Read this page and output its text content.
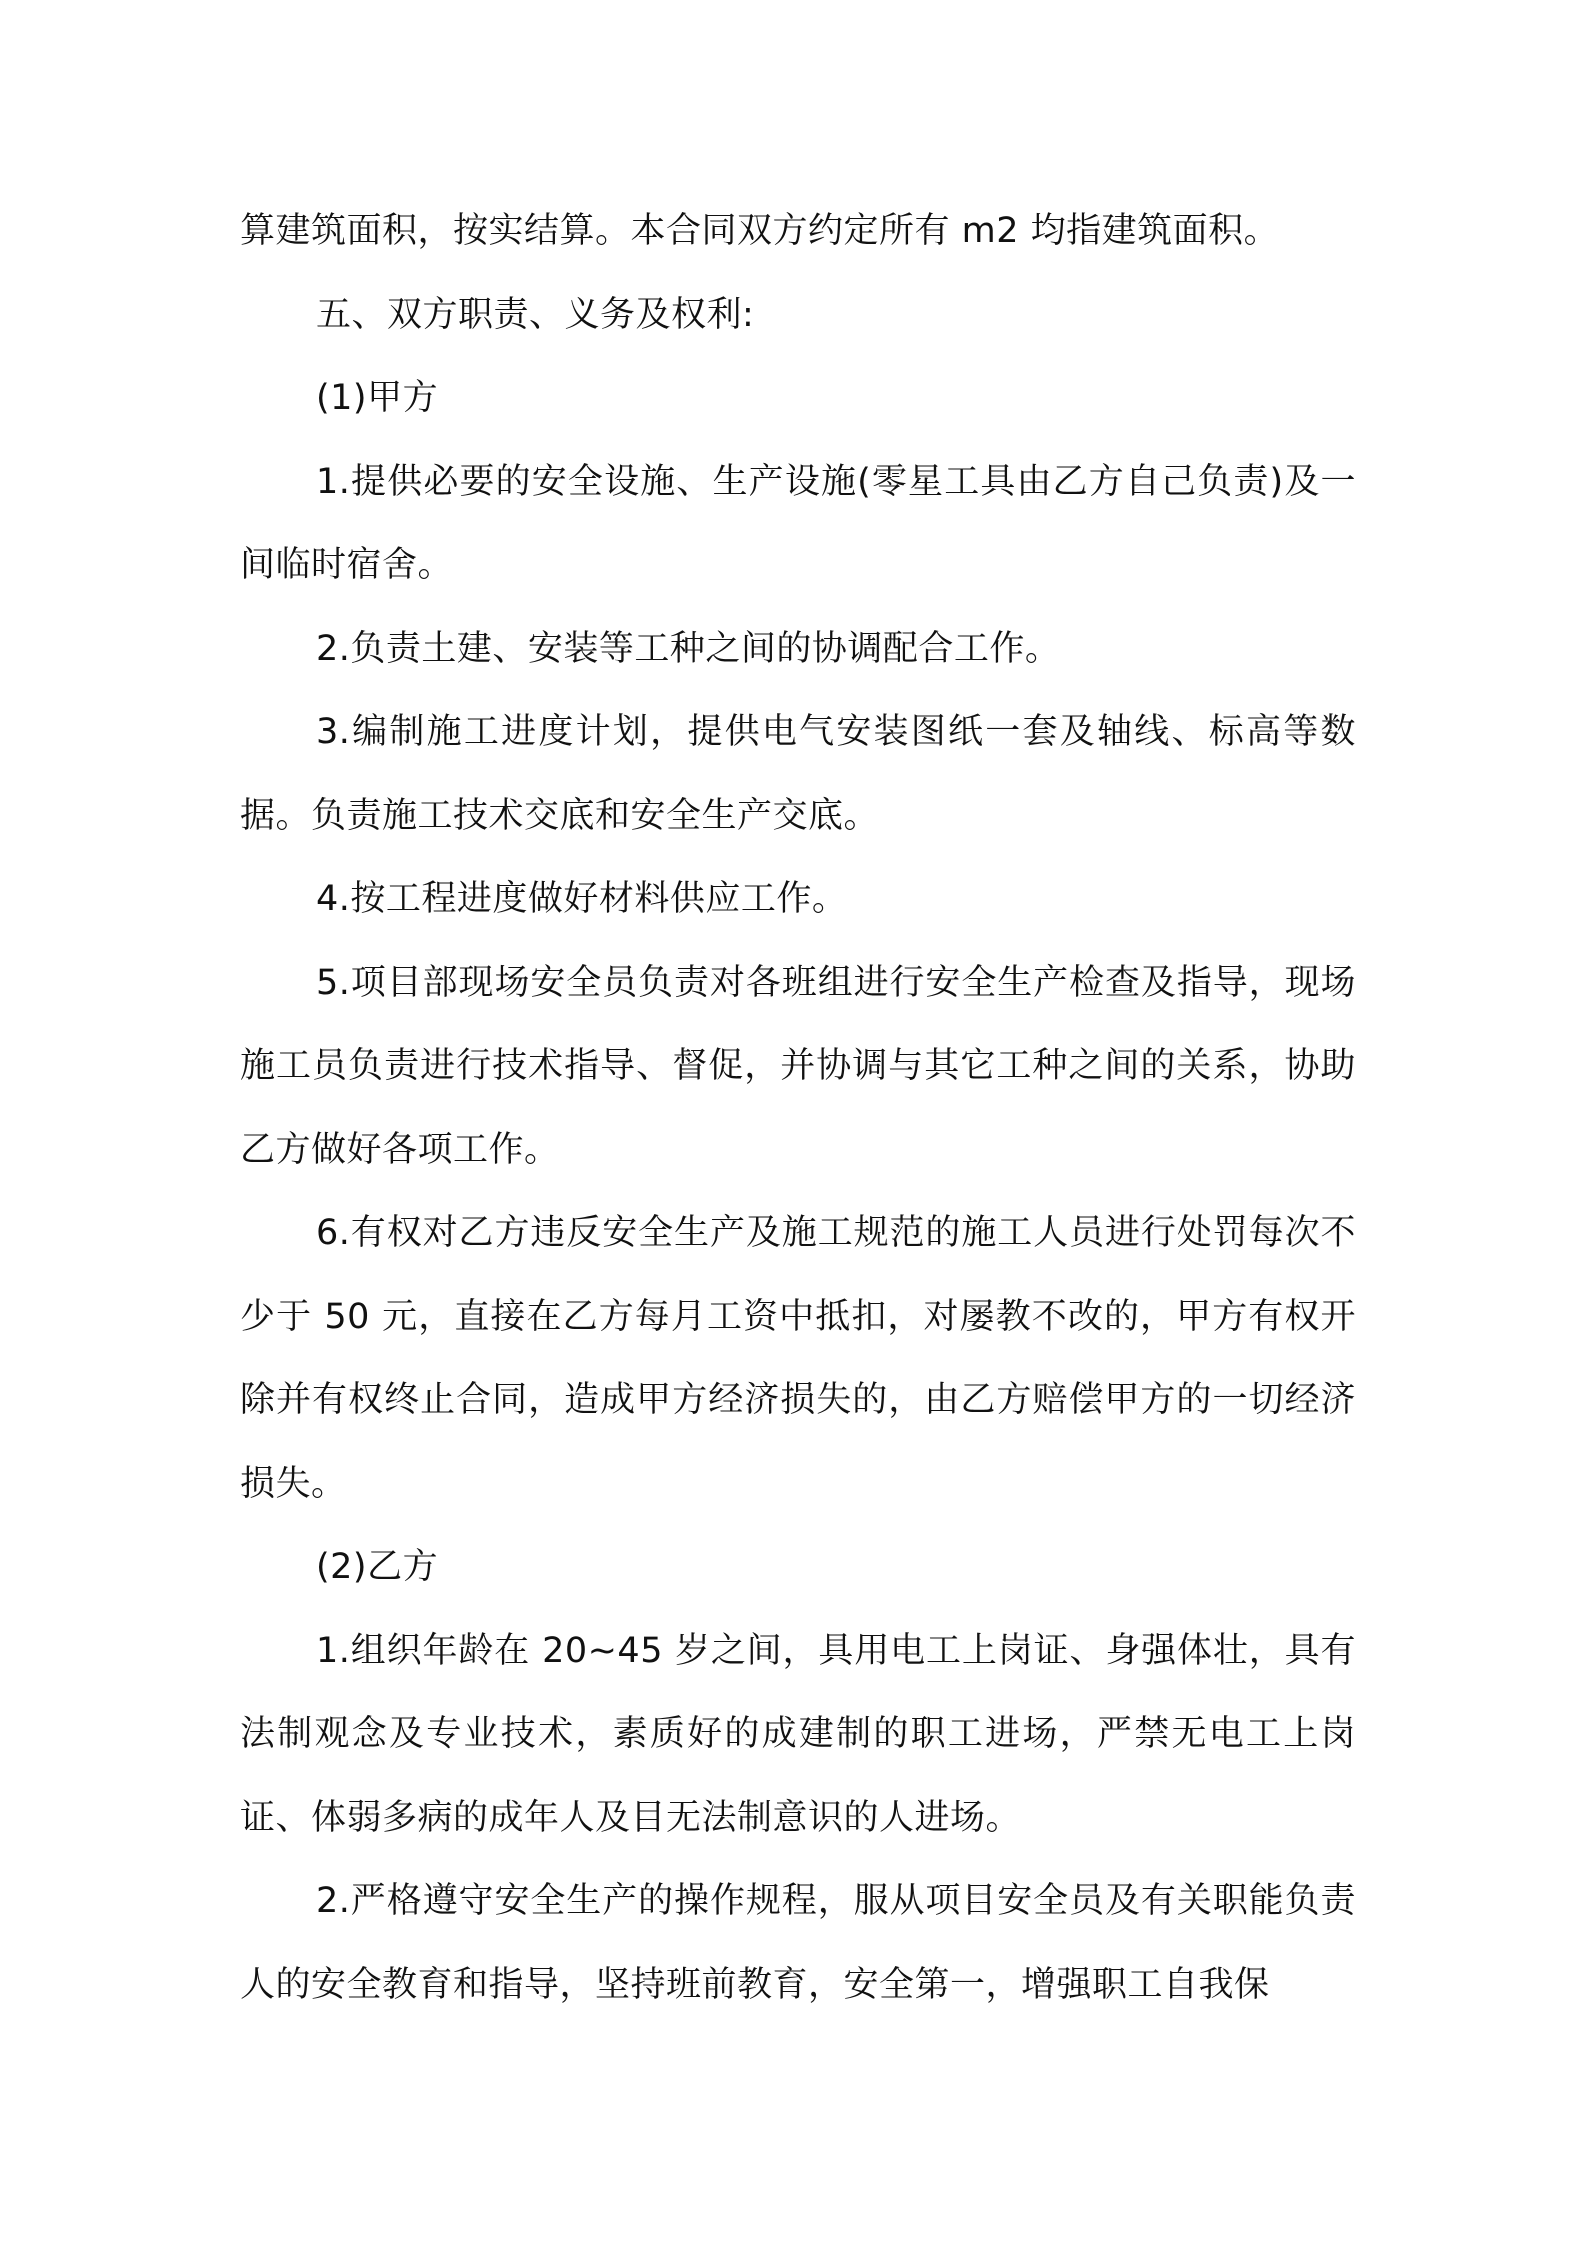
算建筑面积，按实结算。本合同双方约定所有 m2 均指建筑面积。

五、双方职责、义务及权利:

(1)甲方

1.提供必要的安全设施、生产设施(零星工具由乙方自己负责)及一间临时宿舍。

2.负责土建、安装等工种之间的协调配合工作。

3.编制施工进度计划，提供电气安装图纸一套及轴线、标高等数据。负责施工技术交底和安全生产交底。

4.按工程进度做好材料供应工作。

5.项目部现场安全员负责对各班组进行安全生产检查及指导，现场施工员负责进行技术指导、督促，并协调与其它工种之间的关系，协助乙方做好各项工作。

6.有权对乙方违反安全生产及施工规范的施工人员进行处罚每次不少于 50 元，直接在乙方每月工资中抵扣，对屡教不改的，甲方有权开除并有权终止合同，造成甲方经济损失的，由乙方赔偿甲方的一切经济损失。

(2)乙方

1.组织年龄在 20~45 岁之间，具用电工上岗证、身强体壮，具有法制观念及专业技术，素质好的成建制的职工进场，严禁无电工上岗证、体弱多病的成年人及目无法制意识的人进场。

2.严格遵守安全生产的操作规程，服从项目安全员及有关职能负责人的安全教育和指导，坚持班前教育，安全第一，增强职工自我保
